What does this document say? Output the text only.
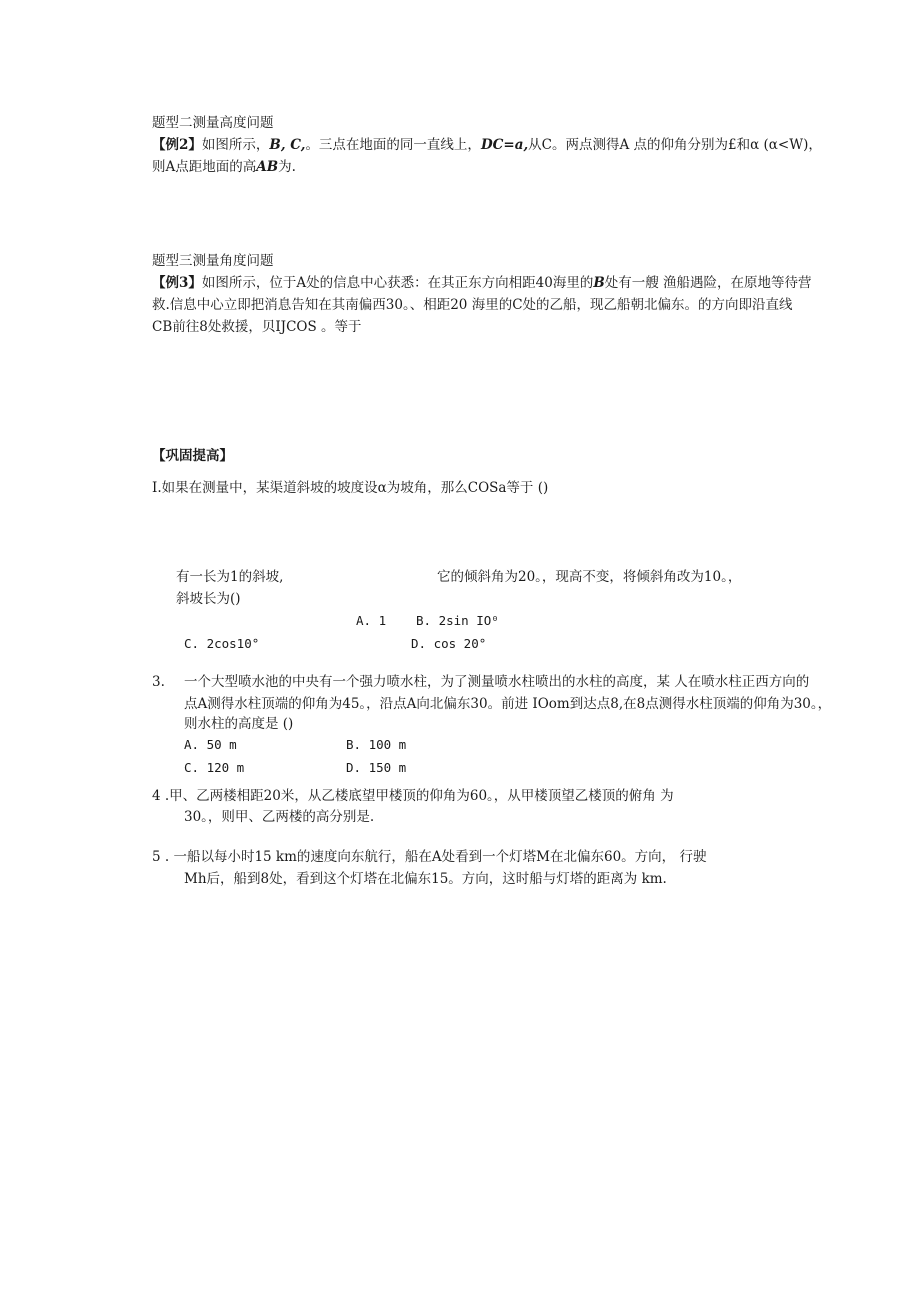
题型二测量高度问题
【例2】如图所示，B, C,。三点在地面的同一直线上，DC=a,从C。两点测得A 点的仰角分别为£和α (α<W)，
则A点距地面的高AB为.
题型三测量角度问题
【例3】如图所示，位于A处的信息中心获悉：在其正东方向相距40海里的B处有一艘 渔船遇险，在原地等待营
救.信息中心立即把消息告知在其南偏西30。、相距20 海里的C处的乙船，现乙船朝北偏东。的方向即沿直线
CB前往8处救援，贝IJCOS 。等于
【巩固提高】
I.如果在测量中，某渠道斜坡的坡度设α为坡角，那么COSa等于 ()
有一长为1的斜坡,	它的倾斜角为20。，现高不变，将倾斜角改为10。，
斜坡长为()
A. 1 B. 2sin IO⁰
C. 2cos10°	D. cos 20°
3. 一个大型喷水池的中央有一个强力喷水柱，为了测量喷水柱喷出的水柱的高度，某 人在喷水柱正西方向的
点A测得水柱顶端的仰角为45。，沿点A向北偏东30。前进 IOom到达点8,在8点测得水柱顶端的仰角为30。，
则水柱的高度是 ()
A. 50 m	B. 100 m
C. 120 m	D. 150 m
4 .甲、乙两楼相距20米，从乙楼底望甲楼顶的仰角为60。，从甲楼顶望乙楼顶的俯角 为
30。，则甲、乙两楼的高分别是.
5 . 一船以每小时15 km的速度向东航行，船在A处看到一个灯塔M在北偏东60。方向， 行驶
Mh后，船到8处，看到这个灯塔在北偏东15。方向，这时船与灯塔的距离为 km.
